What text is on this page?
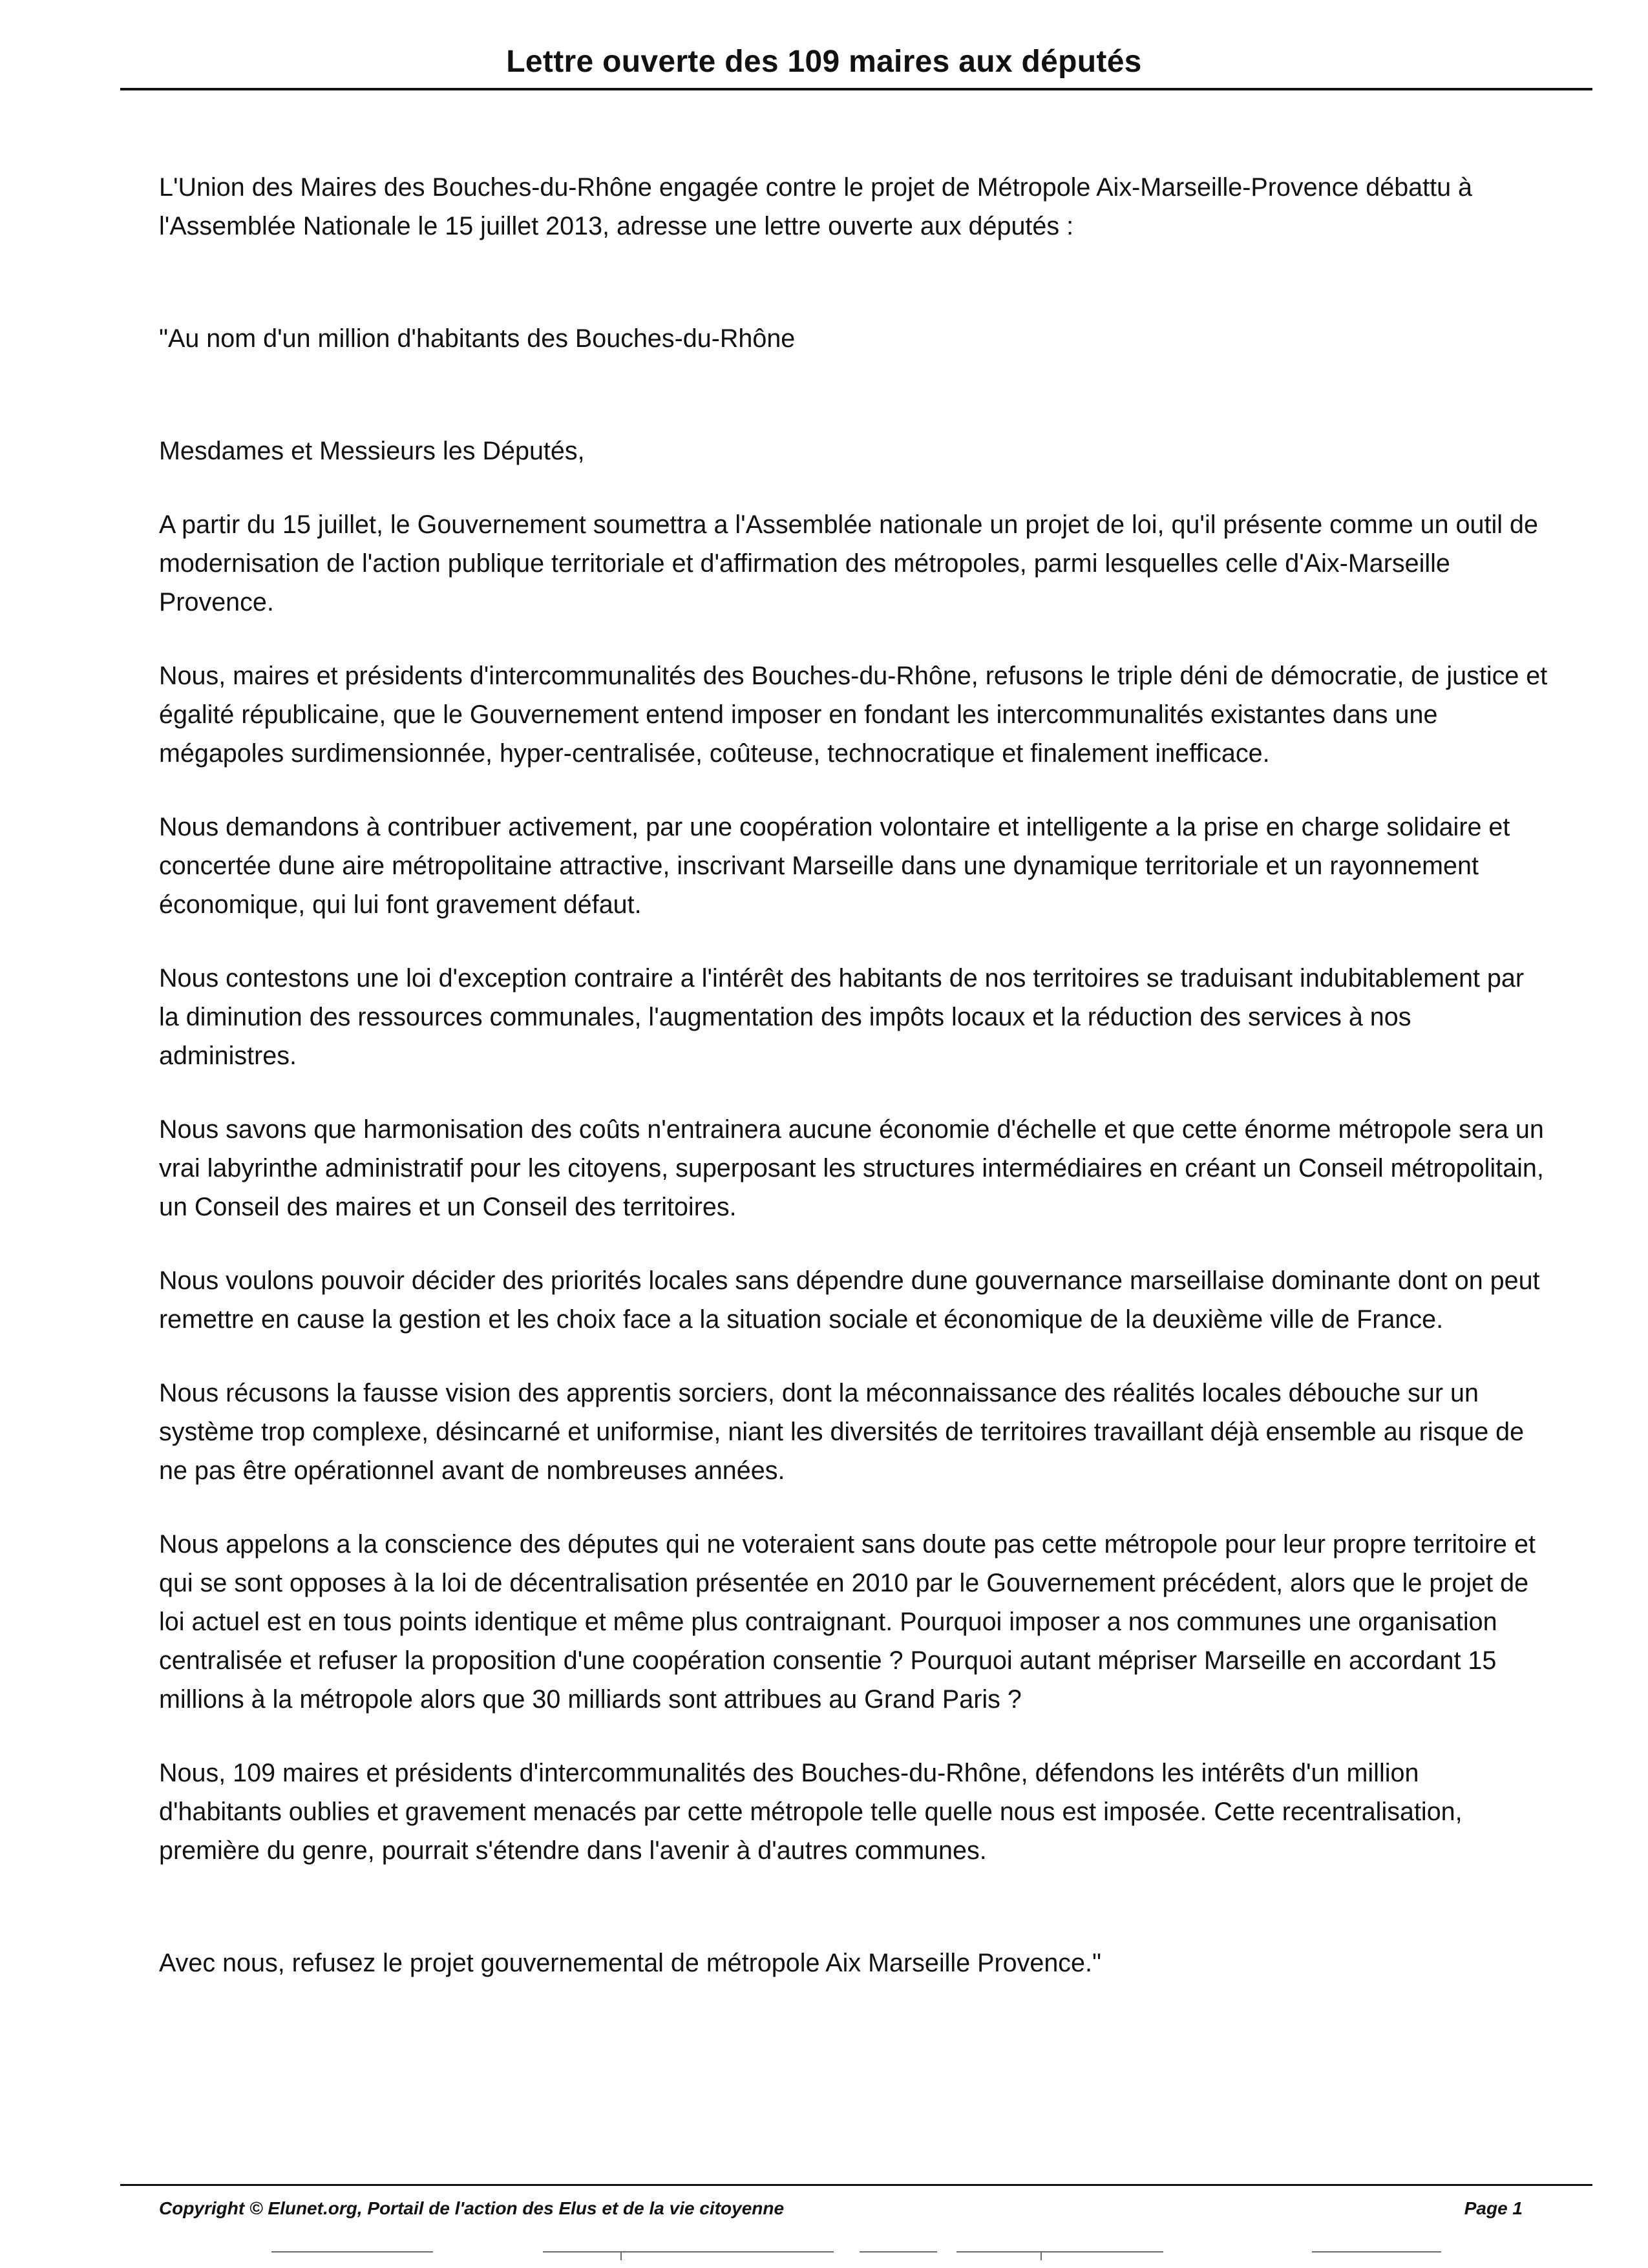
Lettre ouverte des 109 maires aux députés

L'Union des Maires des Bouches-du-Rhône engagée contre le projet de Métropole Aix-Marseille-Provence débattu à l'Assemblée Nationale le 15 juillet 2013, adresse une lettre ouverte aux députés :

"Au nom d'un million d'habitants des Bouches-du-Rhône

Mesdames et Messieurs les Députés,

A partir du 15 juillet, le Gouvernement soumettra a l'Assemblée nationale un projet de loi, qu'il présente comme un outil de modernisation de l'action publique territoriale et d'affirmation des métropoles, parmi lesquelles celle d'Aix-Marseille Provence.

Nous, maires et présidents d'intercommunalités des Bouches-du-Rhône, refusons le triple déni de démocratie, de justice et égalité républicaine, que le Gouvernement entend imposer en fondant les intercommunalités existantes dans une mégapoles surdimensionnée, hyper-centralisée, coûteuse, technocratique et finalement inefficace.

Nous demandons à contribuer activement, par une coopération volontaire et intelligente a la prise en charge solidaire et concertée dune aire métropolitaine attractive, inscrivant Marseille dans une dynamique territoriale et un rayonnement économique, qui lui font gravement défaut.

Nous contestons une loi d'exception contraire a l'intérêt des habitants de nos territoires se traduisant indubitablement par la diminution des ressources communales, l'augmentation des impôts locaux et la réduction des services à nos administres.

Nous savons que harmonisation des coûts n'entrainera aucune économie d'échelle et que cette énorme métropole sera un vrai labyrinthe administratif pour les citoyens, superposant les structures intermédiaires en créant un Conseil métropolitain, un Conseil des maires et un Conseil des territoires.

Nous voulons pouvoir décider des priorités locales sans dépendre dune gouvernance marseillaise dominante dont on peut remettre en cause la gestion et les choix face a la situation sociale et économique de la deuxième ville de France.

Nous récusons la fausse vision des apprentis sorciers, dont la méconnaissance des réalités locales débouche sur un système trop complexe, désincarné et uniformise, niant les diversités de territoires travaillant déjà ensemble au risque de ne pas être opérationnel avant de nombreuses années.

Nous appelons a la conscience des députes qui ne voteraient sans doute pas cette métropole pour leur propre territoire et qui se sont opposes à la loi de décentralisation présentée en 2010 par le Gouvernement précédent, alors que le projet de loi actuel est en tous points identique et même plus contraignant. Pourquoi imposer a nos communes une organisation centralisée et refuser la proposition d'une coopération consentie ? Pourquoi autant mépriser Marseille en accordant 15 millions à la métropole alors que 30 milliards sont attribues au Grand Paris ?

Nous, 109 maires et présidents d'intercommunalités des Bouches-du-Rhône, défendons les intérêts d'un million d'habitants oublies et gravement menacés par cette métropole telle quelle nous est imposée. Cette recentralisation, première du genre, pourrait s'étendre dans l'avenir à d'autres communes.

Avec nous, refusez le projet gouvernemental de métropole Aix Marseille Provence."

Copyright © Elunet.org, Portail de l'action des Elus et de la vie citoyenne	Page 1
